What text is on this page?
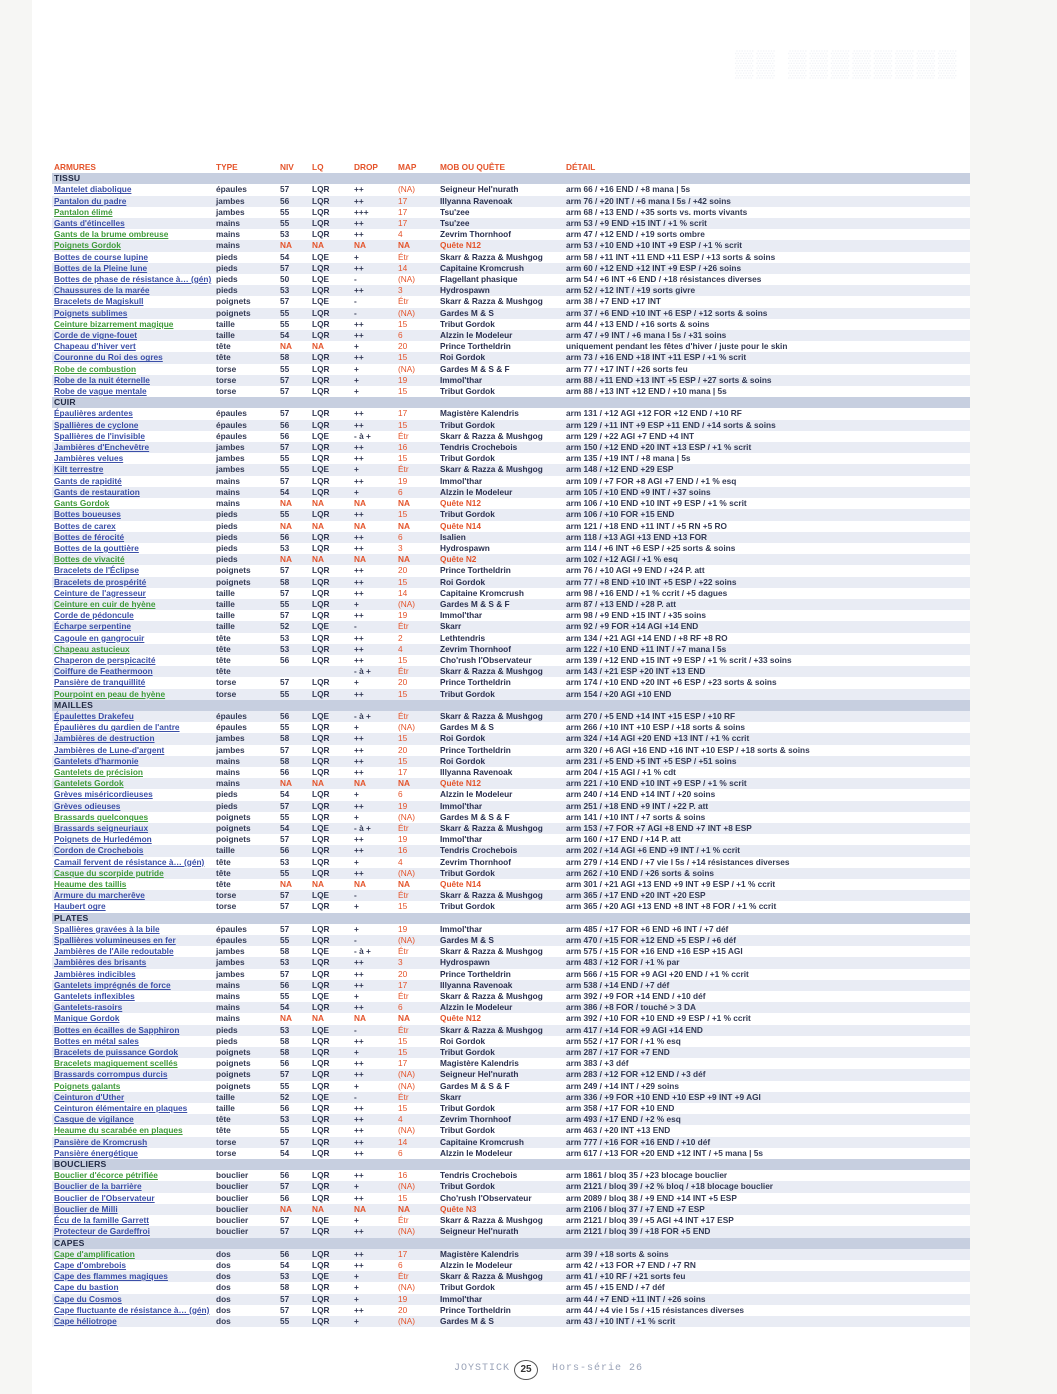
▒▒ ▒▒▒▒▒▒▒▒
ARMURES	TYPE	NIV	LQ	DROP	MAP	MOB OU QUÊTE	DÉTAIL
TISSU							
Mantelet diabolique	épaules	57	LQR	++	(NA)	Seigneur Hel'nurath	arm 66 / +16 END / +8 mana | 5s
Pantalon du padre	jambes	56	LQR	++	17	Illyanna Ravenoak	arm 76 / +20 INT / +6 mana l 5s / +42 soins
Pantalon élimé	jambes	55	LQR	+++	17	Tsu'zee	arm 68 / +13 END / +35 sorts vs. morts vivants
Gants d'étincelles	mains	55	LQR	++	17	Tsu'zee	arm 53 / +9 END +15 INT / +1 % scrit
Gants de la brume ombreuse	mains	53	LQR	++	4	Zevrim Thornhoof	arm 47 / +12 END / +19 sorts ombre
Poignets Gordok	mains	NA	NA	NA	NA	Quête N12	arm 53 / +10 END +10 INT +9 ESP / +1 % scrit
Bottes de course lupine	pieds	54	LQE	+	Étr	Skarr & Razza & Mushgog	arm 58 / +11 INT +11 END +11 ESP / +13 sorts & soins
Bottes de la Pleine lune	pieds	57	LQR	++	14	Capitaine Kromcrush	arm 60 / +12 END +12 INT +9 ESP / +26 soins
Bottes de phase de résistance à… (gén)	pieds	50	LQE	-	(NA)	Flagellant phasique	arm 54 / +6 INT +6 END / +18 résistances diverses
Chaussures de la marée	pieds	53	LQR	++	3	Hydrospawn	arm 52 / +12 INT / +19 sorts givre
Bracelets de Magiskull	poignets	57	LQE	-	Étr	Skarr & Razza & Mushgog	arm 38 / +7 END +17 INT
Poignets sublimes	poignets	55	LQR	-	(NA)	Gardes M & S	arm 37 / +6 END +10 INT +6 ESP / +12 sorts & soins
Ceinture bizarrement magique	taille	55	LQR	++	15	Tribut Gordok	arm 44 / +13 END / +16 sorts & soins
Corde de vigne-fouet	taille	54	LQR	++	6	Alzzin le Modeleur	arm 47 / +9 INT / +6 mana l 5s / +31 soins
Chapeau d'hiver vert	tête	NA	NA	+	20	Prince Tortheldrin	uniquement pendant les fêtes d'hiver / juste pour le skin
Couronne du Roi des ogres	tête	58	LQR	++	15	Roi Gordok	arm 73 / +16 END +18 INT +11 ESP / +1 % scrit
Robe de combustion	torse	55	LQR	+	(NA)	Gardes M & S & F	arm 77 / +17 INT / +26 sorts feu
Robe de la nuit éternelle	torse	57	LQR	+	19	Immol'thar	arm 88 / +11 END +13 INT +5 ESP / +27 sorts & soins
Robe de vague mentale	torse	57	LQR	+	15	Tribut Gordok	arm 88 / +13 INT +12 END / +10 mana | 5s
CUIR							
Épaulières ardentes	épaules	57	LQR	++	17	Magistère Kalendris	arm 131 / +12 AGI +12 FOR +12 END / +10 RF
Spallières de cyclone	épaules	56	LQR	++	15	Tribut Gordok	arm 129 / +11 INT +9 ESP +11 END / +14 sorts & soins
Spallières de l'invisible	épaules	56	LQE	- à +	Étr	Skarr & Razza & Mushgog	arm 129 / +22 AGI +7 END +4 INT
Jambières d'Enchevêtre	jambes	57	LQR	++	16	Tendris Crochebois	arm 150 / +12 END +20 INT +13 ESP / +1 % scrit
Jambières velues	jambes	55	LQR	++	15	Tribut Gordok	arm 135 / +19 INT / +8 mana | 5s
Kilt terrestre	jambes	55	LQE	+	Étr	Skarr & Razza & Mushgog	arm 148 / +12 END +29 ESP
Gants de rapidité	mains	57	LQR	++	19	Immol'thar	arm 109 / +7 FOR +8 AGI +7 END / +1 % esq
Gants de restauration	mains	54	LQR	+	6	Alzzin le Modeleur	arm 105 / +10 END +9 INT / +37 soins
Gants Gordok	mains	NA	NA	NA	NA	Quête N12	arm 106 / +10 END +10 INT +9 ESP / +1 % scrit
Bottes boueuses	pieds	55	LQR	++	15	Tribut Gordok	arm 106 / +10 FOR +15 END
Bottes de carex	pieds	NA	NA	NA	NA	Quête N14	arm 121 / +18 END +11 INT / +5 RN +5 RO
Bottes de férocité	pieds	56	LQR	++	6	Isalien	arm 118 / +13 AGI +13 END +13 FOR
Bottes de la gouttière	pieds	53	LQR	++	3	Hydrospawn	arm 114 / +6 INT +6 ESP / +25 sorts & soins
Bottes de vivacité	pieds	NA	NA	NA	NA	Quête N2	arm 102 / +12 AGI / +1 % esq
Bracelets de l'Éclipse	poignets	57	LQR	++	20	Prince Tortheldrin	arm 76 / +10 AGI +9 END / +24 P. att
Bracelets de prospérité	poignets	58	LQR	++	15	Roi Gordok	arm 77 / +8 END +10 INT +5 ESP / +22 soins
Ceinture de l'agresseur	taille	57	LQR	++	14	Capitaine Kromcrush	arm 98 / +16 END / +1 % ccrit / +5 dagues
Ceinture en cuir de hyène	taille	55	LQR	+	(NA)	Gardes M & S & F	arm 87 / +13 END / +28 P. att
Corde de pédoncule	taille	57	LQR	++	19	Immol'thar	arm 98 / +9 END +15 INT / +35 soins
Écharpe serpentine	taille	52	LQE	-	Étr	Skarr	arm 92 / +9 FOR +14 AGI +14 END
Cagoule en gangrocuir	tête	53	LQR	++	2	Lethtendris	arm 134 / +21 AGI +14 END / +8 RF +8 RO
Chapeau astucieux	tête	53	LQR	++	4	Zevrim Thornhoof	arm 122 / +10 END +11 INT / +7 mana l 5s
Chaperon de perspicacité	tête	56	LQR	++	15	Cho'rush l'Observateur	arm 139 / +12 END +15 INT +9 ESP / +1 % scrit / +33 soins
Coiffure de Feathermoon	tête			- à +	Étr	Skarr & Razza & Mushgog	arm 143 / +21 ESP +20 INT +13 END
Pansière de tranquillité	torse	57	LQR	+	20	Prince Tortheldrin	arm 174 / +10 END +20 INT +6 ESP / +23 sorts & soins
Pourpoint en peau de hyène	torse	55	LQR	++	15	Tribut Gordok	arm 154 / +20 AGI +10 END
MAILLES							
Épaulettes Drakefeu	épaules	56	LQE	- à +	Étr	Skarr & Razza & Mushgog	arm 270 / +5 END +14 INT +15 ESP / +10 RF
Épaulières du gardien de l'antre	épaules	55	LQR	+	(NA)	Gardes M & S	arm 266 / +10 INT +10 ESP / +18 sorts & soins
Jambières de destruction	jambes	58	LQR	++	15	Roi Gordok	arm 324 / +14 AGI +20 END +13 INT / +1 % ccrit
Jambières de Lune-d'argent	jambes	57	LQR	++	20	Prince Tortheldrin	arm 320 / +6 AGI +16 END +16 INT +10 ESP / +18 sorts & soins
Gantelets d'harmonie	mains	58	LQR	++	15	Roi Gordok	arm 231 / +5 END +5 INT +5 ESP / +51 soins
Gantelets de précision	mains	56	LQR	++	17	Illyanna Ravenoak	arm 204 / +15 AGI / +1 % cdt
Gantelets Gordok	mains	NA	NA	NA	NA	Quête N12	arm 221 / +10 END +10 INT +9 ESP / +1 % scrit
Grèves miséricordieuses	pieds	54	LQR	+	6	Alzzin le Modeleur	arm 240 / +14 END +14 INT / +20 soins
Grèves odieuses	pieds	57	LQR	++	19	Immol'thar	arm 251 / +18 END +9 INT / +22 P. att
Brassards quelconques	poignets	55	LQR	+	(NA)	Gardes M & S & F	arm 141 / +10 INT / +7 sorts & soins
Brassards seigneuriaux	poignets	54	LQE	- à +	Étr	Skarr & Razza & Mushgog	arm 153 / +7 FOR +7 AGI +8 END +7 INT +8 ESP
Poignets de Hurledémon	poignets	57	LQR	++	19	Immol'thar	arm 160 / +17 END / +14 P. att
Cordon de Crochebois	taille	56	LQR	++	16	Tendris Crochebois	arm 202 / +14 AGI +6 END +9 INT / +1 % ccrit
Camail fervent de résistance à… (gén)	tête	53	LQR	+	4	Zevrim Thornhoof	arm 279 / +14 END / +7 vie l 5s / +14 résistances diverses
Casque du scorpide putride	tête	55	LQR	++	(NA)	Tribut Gordok	arm 262 / +10 END / +26 sorts & soins
Heaume des taillis	tête	NA	NA	NA	NA	Quête N14	arm 301 / +21 AGI +13 END +9 INT +9 ESP / +1 % ccrit
Armure du marcherêve	torse	57	LQE	-	Étr	Skarr & Razza & Mushgog	arm 365 / +17 END +20 INT +20 ESP
Haubert ogre	torse	57	LQR	+	15	Tribut Gordok	arm 365 / +20 AGI +13 END +8 INT +8 FOR / +1 % ccrit
PLATES							
Spallières gravées à la bile	épaules	57	LQR	+	19	Immol'thar	arm 485 / +17 FOR +6 END +6 INT / +7 déf
Spallières volumineuses en fer	épaules	55	LQR	-	(NA)	Gardes M & S	arm 470 / +15 FOR +12 END +5 ESP / +6 déf
Jambières de l'Aile redoutable	jambes	58	LQE	- à +	Étr	Skarr & Razza & Mushgog	arm 575 / +15 FOR +16 END +16 ESP +15 AGI
Jambières des brisants	jambes	53	LQR	++	3	Hydrospawn	arm 483 / +12 FOR / +1 % par
Jambières indicibles	jambes	57	LQR	++	20	Prince Tortheldrin	arm 566 / +15 FOR +9 AGI +20 END / +1 % ccrit
Gantelets imprégnés de force	mains	56	LQR	++	17	Illyanna Ravenoak	arm 538 / +14 END / +7 déf
Gantelets inflexibles	mains	55	LQE	+	Étr	Skarr & Razza & Mushgog	arm 392 / +9 FOR +14 END / +10 déf
Gantelets-rasoirs	mains	54	LQR	++	6	Alzzin le Modeleur	arm 386 / +8 FOR / touché > 3 DA
Manique Gordok	mains	NA	NA	NA	NA	Quête N12	arm 392 / +10 FOR +10 END +9 ESP / +1 % ccrit
Bottes en écailles de Sapphiron	pieds	53	LQE	-	Étr	Skarr & Razza & Mushgog	arm 417 / +14 FOR +9 AGI +14 END
Bottes en métal sales	pieds	58	LQR	++	15	Roi Gordok	arm 552 / +17 FOR / +1 % esq
Bracelets de puissance Gordok	poignets	58	LQR	+	15	Tribut Gordok	arm 287 / +17 FOR +7 END
Bracelets magiquement scellés	poignets	56	LQR	++	17	Magistère Kalendris	arm 383 / +3 déf
Brassards corrompus durcis	poignets	57	LQR	++	(NA)	Seigneur Hel'nurath	arm 283 / +12 FOR +12 END / +3 déf
Poignets galants	poignets	55	LQR	+	(NA)	Gardes M & S & F	arm 249 / +14 INT / +29 soins
Ceinturon d'Uther	taille	52	LQE	-	Étr	Skarr	arm 336 / +9 FOR +10 END +10 ESP +9 INT +9 AGI
Ceinturon élémentaire en plaques	taille	56	LQR	++	15	Tribut Gordok	arm 358 / +17 FOR +10 END
Casque de vigilance	tête	53	LQR	++	4	Zevrim Thornhoof	arm 493 / +17 END / +2 % esq
Heaume du scarabée en plaques	tête	55	LQR	++	(NA)	Tribut Gordok	arm 463 / +20 INT +13 END
Pansière de Kromcrush	torse	57	LQR	++	14	Capitaine Kromcrush	arm 777 / +16 FOR +16 END / +10 déf
Pansière énergétique	torse	54	LQR	++	6	Alzzin le Modeleur	arm 617 / +13 FOR +20 END +12 INT / +5 mana | 5s
BOUCLIERS							
Bouclier d'écorce pétrifiée	bouclier	56	LQR	++	16	Tendris Crochebois	arm 1861 / bloq 35 / +23 blocage bouclier
Bouclier de la barrière	bouclier	57	LQR	+	(NA)	Tribut Gordok	arm 2121 / bloq 39 / +2 % bloq / +18 blocage bouclier
Bouclier de l'Observateur	bouclier	56	LQR	++	15	Cho'rush l'Observateur	arm 2089 / bloq 38 / +9 END +14 INT +5 ESP
Bouclier de Milli	bouclier	NA	NA	NA	NA	Quête N3	arm 2106 / bloq 37 / +7 END +7 ESP
Écu de la famille Garrett	bouclier	57	LQE	+	Étr	Skarr & Razza & Mushgog	arm 2121 / bloq 39 / +5 AGI +4 INT +17 ESP
Protecteur de Gardeffroi	bouclier	57	LQR	++	(NA)	Seigneur Hel'nurath	arm 2121 / bloq 39 / +18 FOR +5 END
CAPES							
Cape d'amplification	dos	56	LQR	++	17	Magistère Kalendris	arm 39 / +18 sorts & soins
Cape d'ombrebois	dos	54	LQR	++	6	Alzzin le Modeleur	arm 42 / +13 FOR +7 END / +7 RN
Cape des flammes magiques	dos	53	LQE	+	Étr	Skarr & Razza & Mushgog	arm 41 / +10 RF / +21 sorts feu
Cape du bastion	dos	58	LQR	+	(NA)	Tribut Gordok	arm 45 / +15 END / +7 déf
Cape du Cosmos	dos	57	LQR	+	19	Immol'thar	arm 44 / +7 END +11 INT / +26 soins
Cape fluctuante de résistance à… (gén)	dos	57	LQR	++	20	Prince Tortheldrin	arm 44 / +4 vie l 5s / +15 résistances diverses
Cape héliotrope	dos	55	LQR	+	(NA)	Gardes M & S	arm 43 / +10 INT / +1 % scrit
JOYSTICK	25	Hors-série 26
